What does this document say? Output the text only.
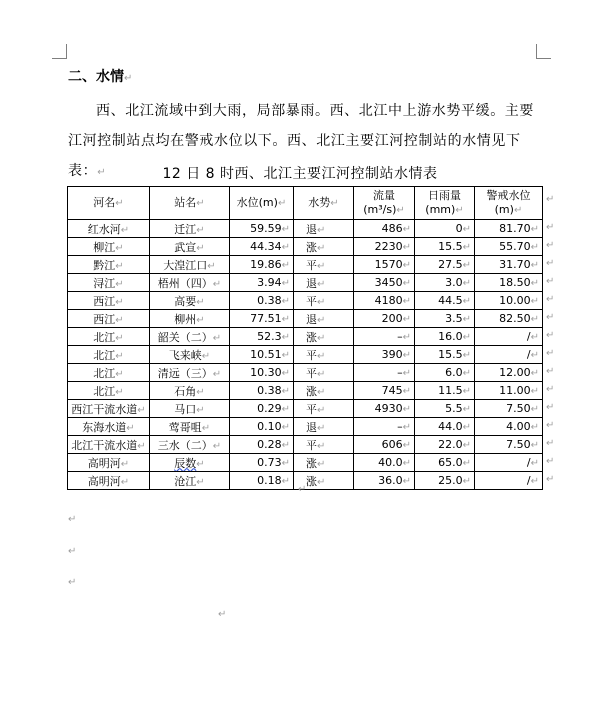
二、水情↵
西、北江流域中到大雨，局部暴雨。西、北江中上游水势平缓。主要江河控制站点均在警戒水位以下。西、北江主要江河控制站的水情见下表：↵	12 日 8 时西、北江主要江河控制站水情表
河名↵	站名↵	水位(m)↵	水势↵	流量 (m³/s)↵	日雨量 (mm)↵	警戒水位 (m)↵
红水河↵	迁江↵	59.59↵	退↵	486↵	0↵	81.70↵
柳江↵	武宣↵	44.34↵	涨↵	2230↵	15.5↵	55.70↵
黔江↵	大湟江口↵	19.86↵	平↵	1570↵	27.5↵	31.70↵
浔江↵	梧州（四）↵	3.94↵	退↵	3450↵	3.0↵	18.50↵
西江↵	高要↵	0.38↵	平↵	4180↵	44.5↵	10.00↵
西江↵	柳州↵	77.51↵	退↵	200↵	3.5↵	82.50↵
北江↵	韶关（二）↵	52.3↵	涨↵	–↵	16.0↵	/↵
北江↵	飞来峡↵	10.51↵	平↵	390↵	15.5↵	/↵
北江↵	清远（三）↵	10.30↵	平↵	–↵	6.0↵	12.00↵
北江↵	石角↵	0.38↵	涨↵	745↵	11.5↵	11.00↵
西江干流水道↵	马口↵	0.29↵	平↵	4930↵	5.5↵	7.50↵
东海水道↵	莺哥咀↵	0.10↵	退↵	–↵	44.0↵	4.00↵
北江干流水道↵	三水（二）↵	0.28↵	平↵	606↵	22.0↵	7.50↵
高明河↵	辰数↵	0.73↵	涨↵	40.0↵	65.0↵	/↵
高明河↵	沧江↵	0.18↵	涨↵	36.0↵	25.0↵	/↵
↵
↵
↵
↵
↵
↵
↵
↵
↵
↵
↵
↵
↵
↵
↵
↵
↵
↵
↵
↵
↵
